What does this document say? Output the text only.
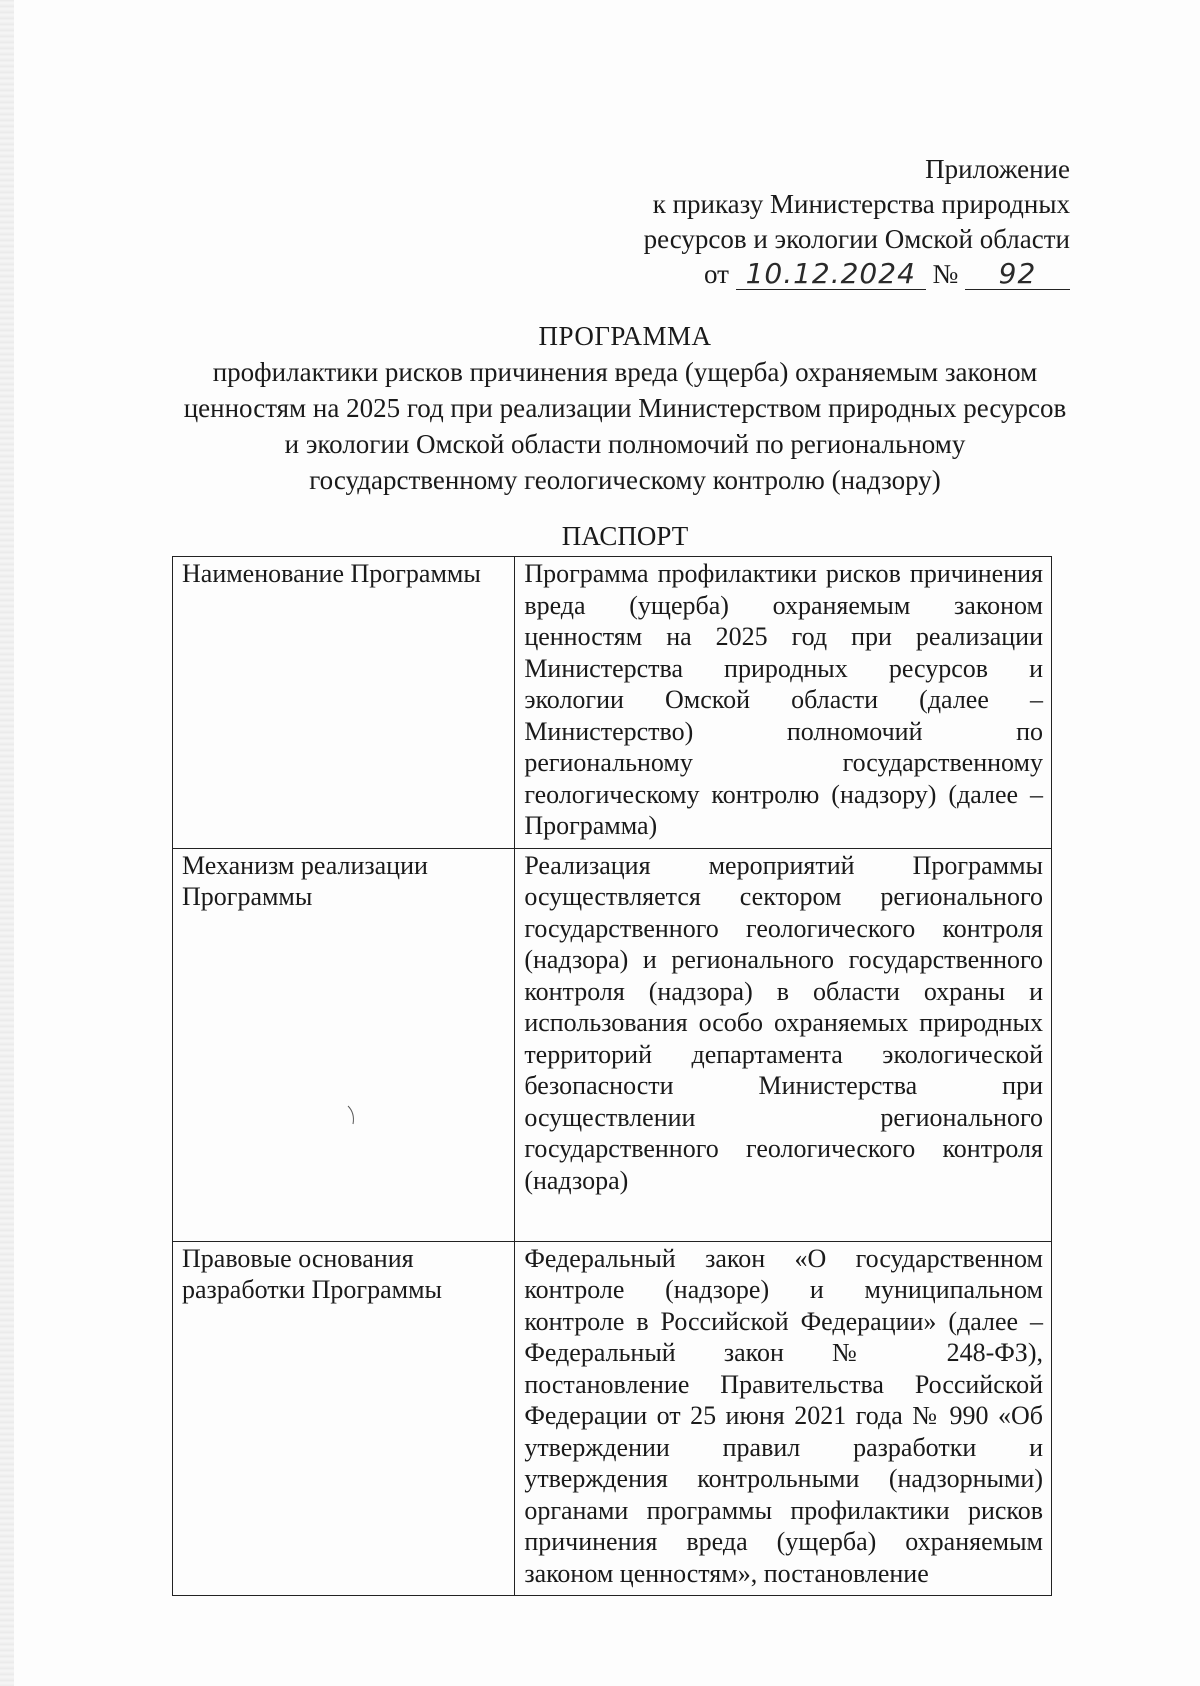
Приложение
к приказу Министерства природных
ресурсов и экологии Омской области
от 10.12.2024 № 92
ПРОГРАММА
профилактики рисков причинения вреда (ущерба) охраняемым законом
ценностям на 2025 год при реализации Министерством природных ресурсов
и экологии Омской области полномочий по региональному
государственному геологическому контролю (надзору)
ПАСПОРТ
Наименование Программы	Программа профилактики рисков причинения вреда (ущерба) охраняемым законом ценностям на 2025 год при реализации Министерства природных ресурсов и экологии Омской области (далее – Министерство) полномочий по региональному государственному геологическому контролю (надзору) (далее – Программа)
Механизм реализации Программы	Реализация мероприятий Программы осуществляется сектором регионального государственного геологического контроля (надзора) и регионального государственного контроля (надзора) в области охраны и использования особо охраняемых природных территорий департамента экологической безопасности Министерства при осуществлении регионального государственного геологического контроля (надзора)
Правовые основания разработки Программы	Федеральный закон «О государственном контроле (надзоре) и муниципальном контроле в Российской Федерации» (далее – Федеральный закон № 248-ФЗ), постановление Правительства Российской Федерации от 25 июня 2021 года № 990 «Об утверждении правил разработки и утверждения контрольными (надзорными) органами программы профилактики рисков причинения вреда (ущерба) охраняемым законом ценностям», постановление
